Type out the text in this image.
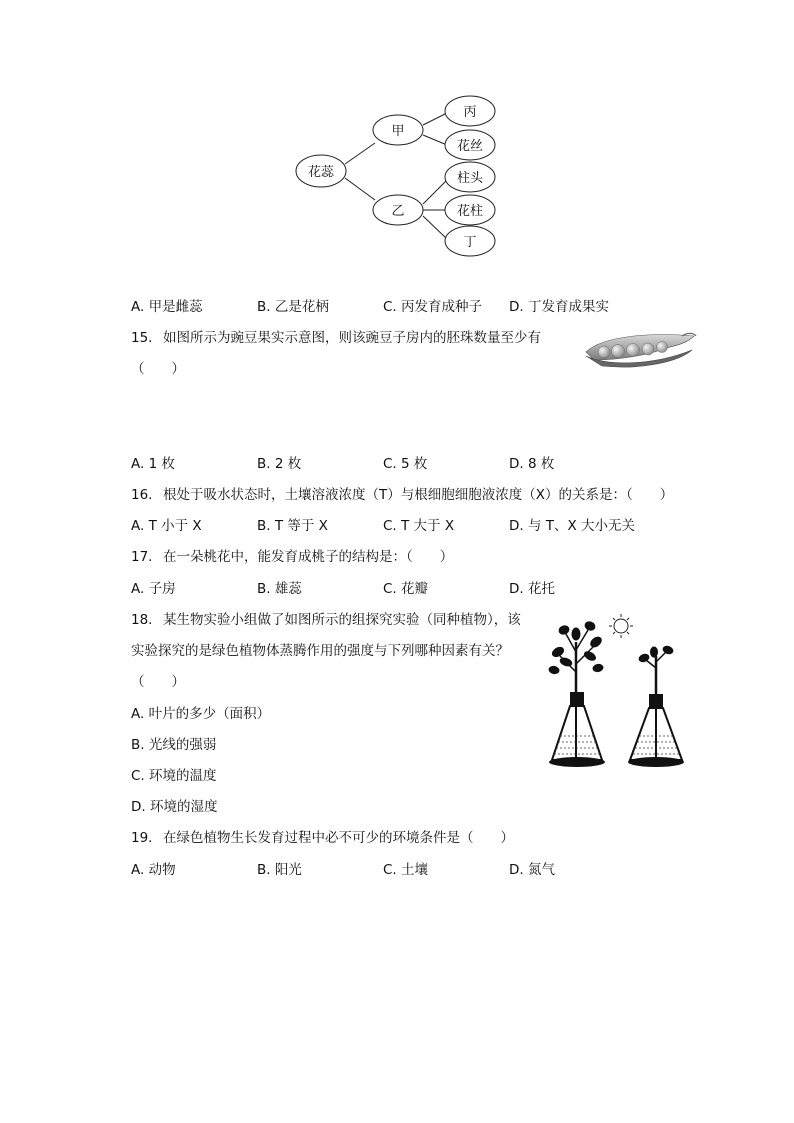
花蕊
甲
乙
丙
花丝
柱头
花柱
丁
A. 甲是雌蕊	B. 乙是花柄	C. 丙发育成种子 D. 丁发育成果实
15. 如图所示为豌豆果实示意图，则该豌豆子房内的胚珠数量至少有
（　　）
A. 1 枚	B. 2 枚	C. 5 枚	D. 8 枚
16. 根处于吸水状态时，土壤溶液浓度（T）与根细胞细胞液浓度（X）的关系是：（　　）
A. T 小于 X	B. T 等于 X	C. T 大于 X	D. 与 T、X 大小无关
17. 在一朵桃花中，能发育成桃子的结构是：（　　）
A. 子房	B. 雄蕊	C. 花瓣	D. 花托
18. 某生物实验小组做了如图所示的组探究实验（同种植物），该
实验探究的是绿色植物体蒸腾作用的强度与下列哪种因素有关？
（　　）
A. 叶片的多少（面积）
B. 光线的强弱
C. 环境的温度
D. 环境的湿度
19. 在绿色植物生长发育过程中必不可少的环境条件是（　　）
A. 动物	B. 阳光	C. 土壤	D. 氮气
